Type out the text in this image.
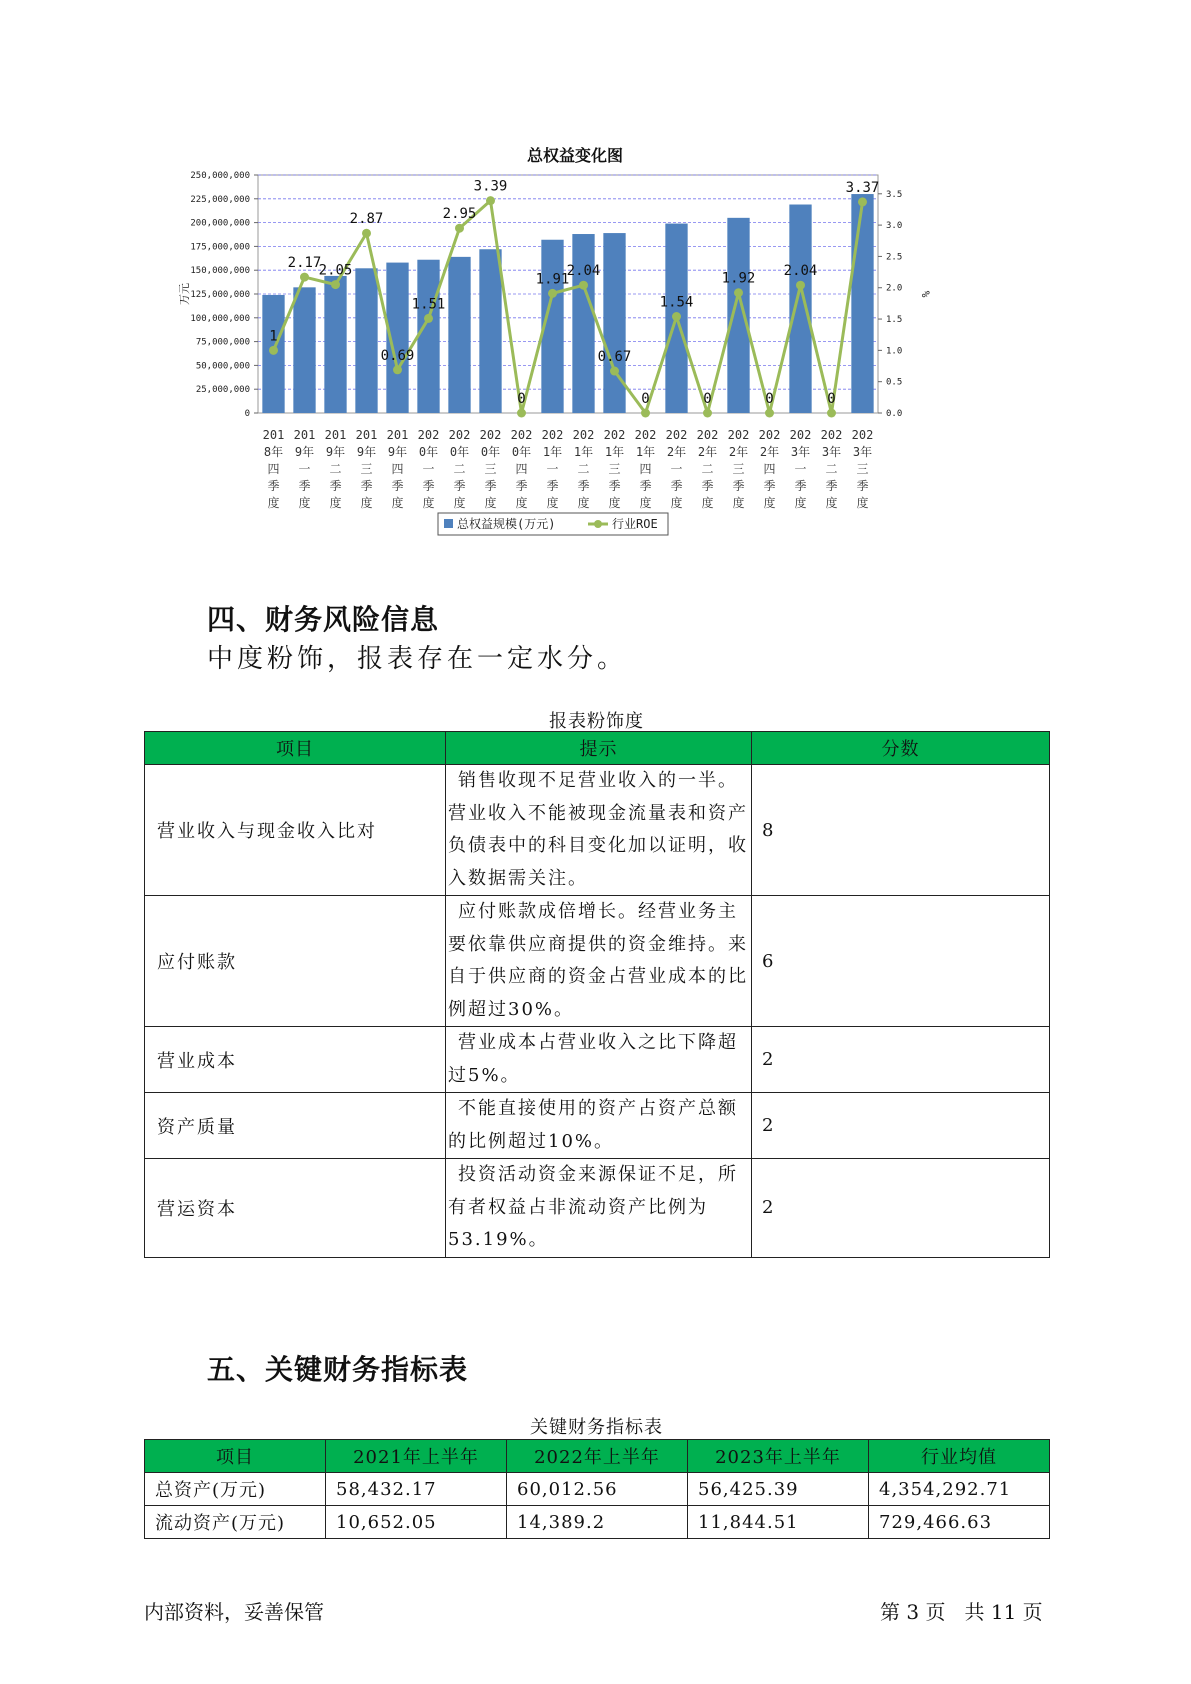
总权益变化图
0
25,000,000
50,000,000
75,000,000
100,000,000
125,000,000
150,000,000
175,000,000
200,000,000
225,000,000
250,000,000
0.0
0.5
1.0
1.5
2.0
2.5
3.0
3.5
万元	%
201
8年
四
季
度
201
9年
一
季
度
201
9年
二
季
度
201
9年
三
季
度
201
9年
四
季
度
202
0年
一
季
度
202
0年
二
季
度
202
0年
三
季
度
202
0年
四
季
度
202
1年
一
季
度
202
1年
二
季
度
202
1年
三
季
度
202
1年
四
季
度
202
2年
一
季
度
202
2年
二
季
度
202
2年
三
季
度
202
2年
四
季
度
202
3年
一
季
度
202
3年
二
季
度
202
3年
三
季
度
1
2.17
2.05
2.87
0.69
1.51
2.95
3.39
0
1.91
2.04
0.67
0
1.54
0
1.92
0
2.04
0
3.37
总权益规模(万元)	行业ROE
四、财务风险信息
中度粉饰，报表存在一定水分。
报表粉饰度
项目	提示	分数
营业收入与现金收入比对	销售收现不足营业收入的一半。营业收入不能被现金流量表和资产负债表中的科目变化加以证明，收入数据需关注。	8
应付账款	应付账款成倍增长。经营业务主要依靠供应商提供的资金维持。来自于供应商的资金占营业成本的比例超过30%。	6
营业成本	营业成本占营业收入之比下降超过5%。	2
资产质量	不能直接使用的资产占资产总额的比例超过10%。	2
营运资本	投资活动资金来源保证不足，所有者权益占非流动资产比例为53.19%。	2
五、关键财务指标表
关键财务指标表
项目	2021年上半年	2022年上半年	2023年上半年	行业均值
总资产(万元)	58,432.17	60,012.56	56,425.39	4,354,292.71
流动资产(万元)	10,652.05	14,389.2	11,844.51	729,466.63
内部资料，妥善保管	第 3 页   共 11 页
